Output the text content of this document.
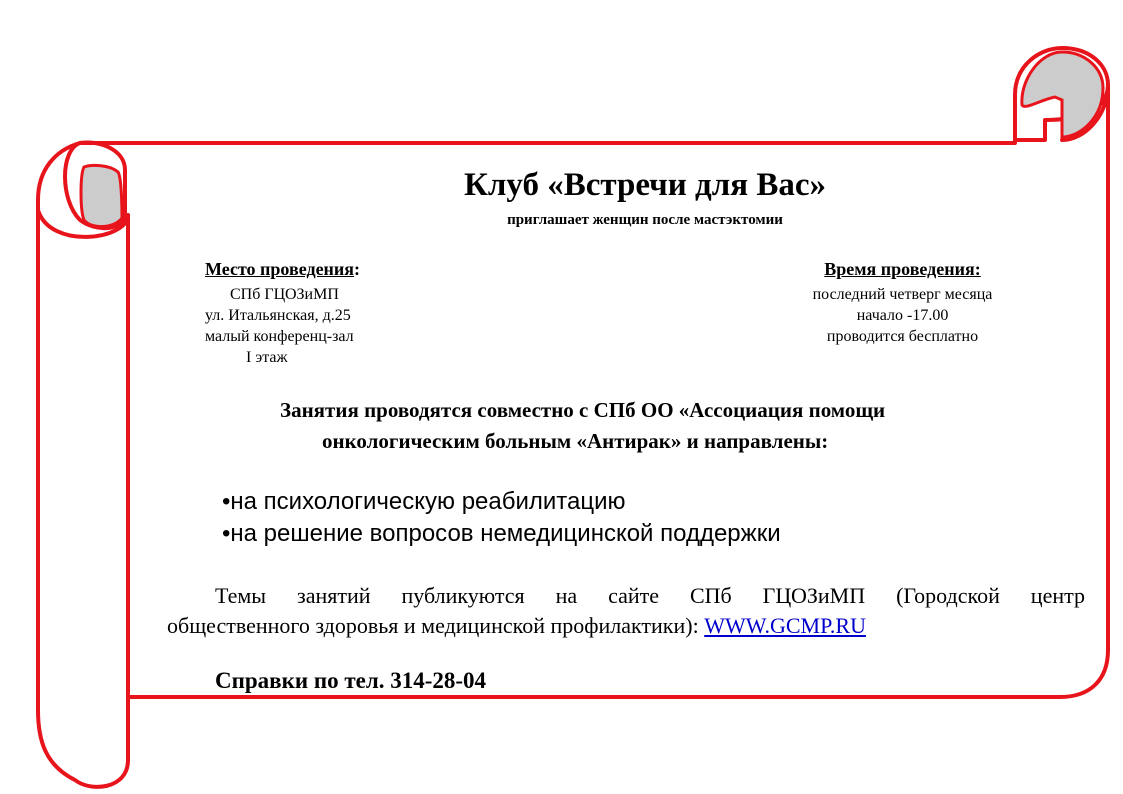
Клуб «Встречи для Вас»
приглашает женщин после мастэктомии
Место проведения:
СПб ГЦОЗиМП
ул. Итальянская, д.25
малый конференц-зал
I этаж
Время проведения:
последний четверг месяца
начало -17.00
проводится бесплатно
Занятия проводятся совместно с СПб ОО «Ассоциация помощи
онкологическим больным «Антирак» и направлены:
•на психологическую реабилитацию
•на решение вопросов немедицинской поддержки

Темы занятий публикуются на сайте СПб ГЦОЗиМП (Городской центр

общественного здоровья и медицинской профилактики): WWW.GCMP.RU

Справки по тел. 314-28-04
